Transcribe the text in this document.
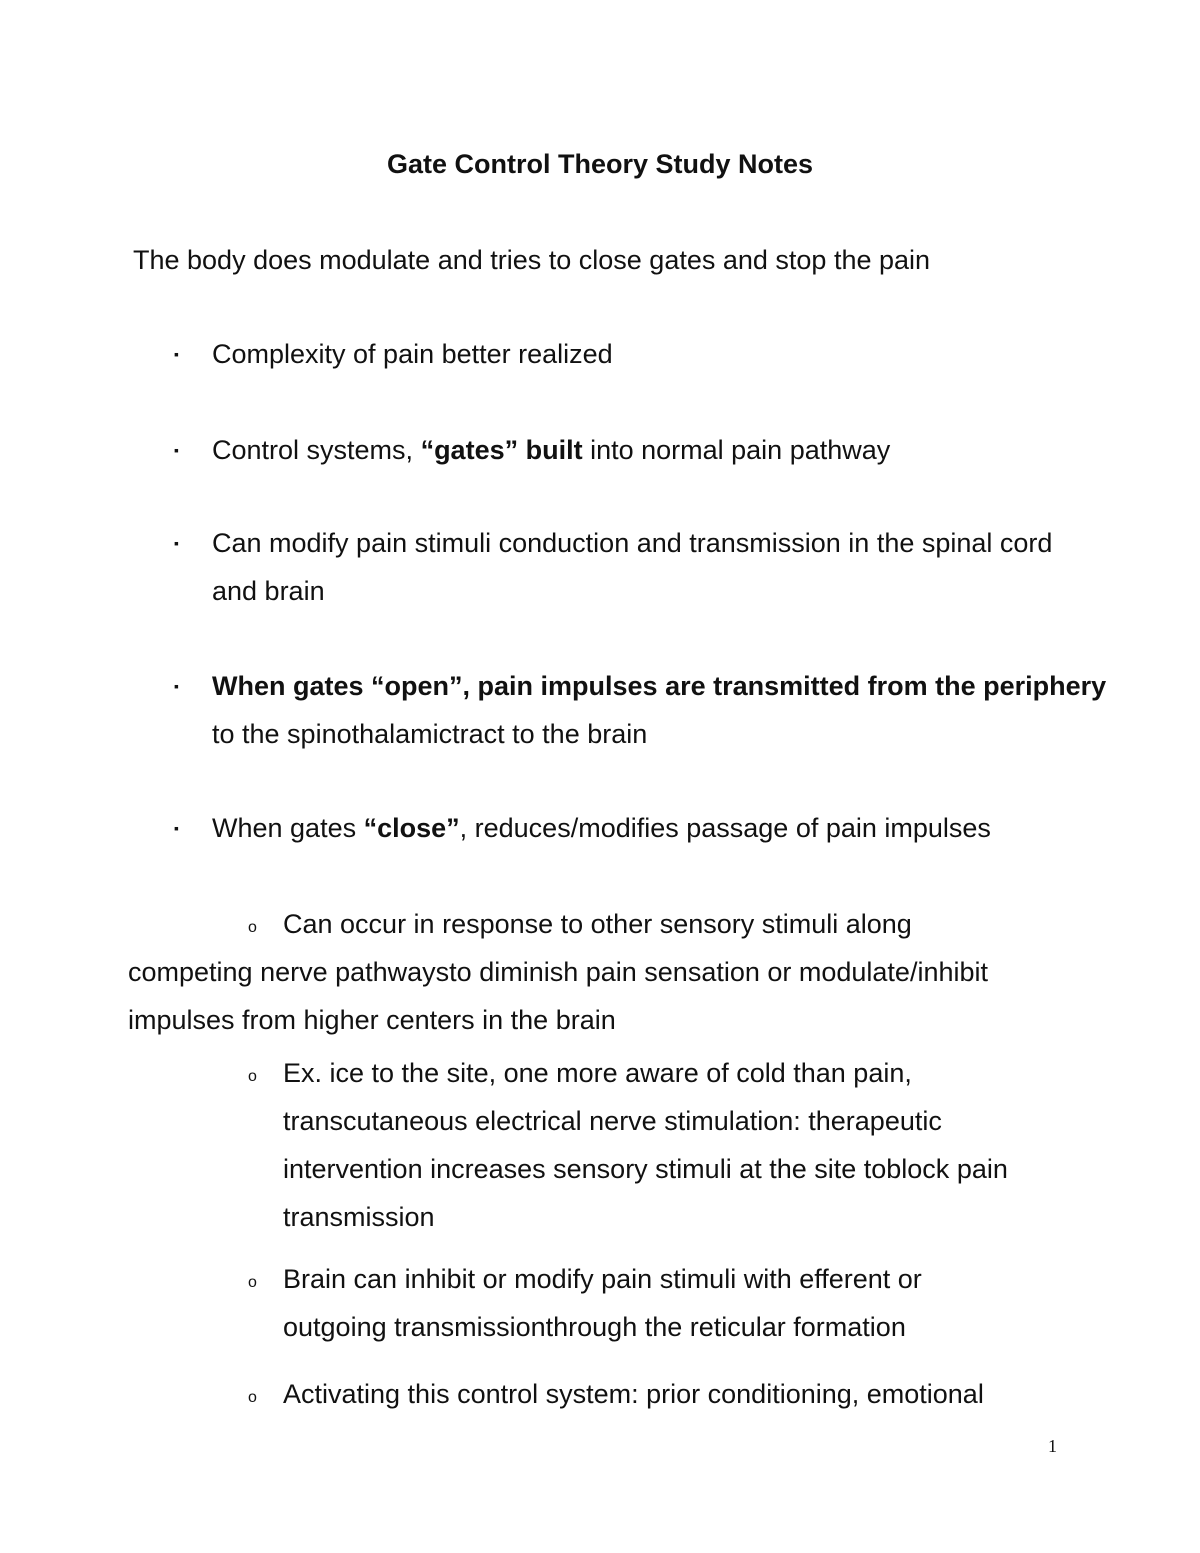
Gate Control Theory Study Notes
The body does modulate and tries to close gates and stop the pain
▪ Complexity of pain better realized
▪ Control systems, “gates” built into normal pain pathway
▪ Can modify pain stimuli conduction and transmission in the spinal cord
and brain
▪ When gates “open”, pain impulses are transmitted from the periphery
to the spinothalamictract to the brain
▪ When gates “close”, reduces/modifies passage of pain impulses
o Can occur in response to other sensory stimuli along
competing nerve pathwaysto diminish pain sensation or modulate/inhibit
impulses from higher centers in the brain
o Ex. ice to the site, one more aware of cold than pain,
transcutaneous electrical nerve stimulation: therapeutic
intervention increases sensory stimuli at the site toblock pain
transmission
o Brain can inhibit or modify pain stimuli with efferent or
outgoing transmissionthrough the reticular formation
o Activating this control system: prior conditioning, emotional
1
